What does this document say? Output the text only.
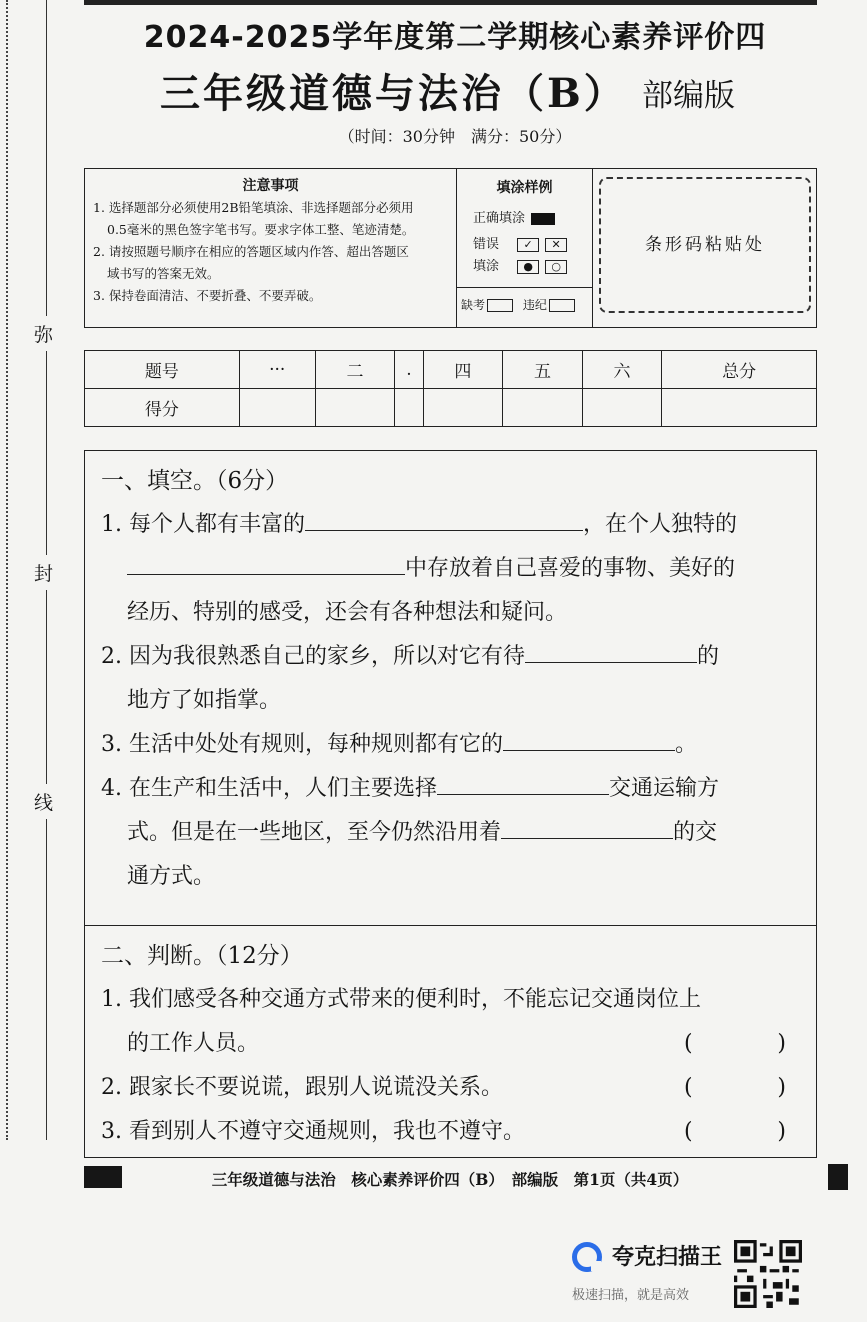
弥
封
线
2024-2025学年度第二学期核心素养评价四
三年级道德与法治（B） 部编版
（时间：30分钟　满分：50分）
注意事项
1. 选择题部分必须使用2B铅笔填涂、非选择题部分必须用
0.5毫米的黑色签字笔书写。要求字体工整、笔迹清楚。
2. 请按照题号顺序在相应的答题区域内作答、超出答题区
域书写的答案无效。
3. 保持卷面清洁、不要折叠、不要弄破。
填涂样例
正确填涂
错误 ✓ ✕
填涂 ● ○
缺考	违纪
条形码粘贴处
题号	···	二	.	四	五	六	总分
得分							
一、填空。（6分）
1. 每个人都有丰富的	，在个人独特的
中存放着自己喜爱的事物、美好的
经历、特别的感受，还会有各种想法和疑问。
2. 因为我很熟悉自己的家乡，所以对它有待	的
地方了如指掌。
3. 生活中处处有规则，每种规则都有它的	。
4. 在生产和生活中，人们主要选择	交通运输方
式。但是在一些地区，至今仍然沿用着	的交
通方式。
二、判断。（12分）
1. 我们感受各种交通方式带来的便利时，不能忘记交通岗位上
的工作人员。	(	)
2. 跟家长不要说谎，跟别人说谎没关系。	(	)
3. 看到别人不遵守交通规则，我也不遵守。	(	)
三年级道德与法治　核心素养评价四（B）　部编版　第1页（共4页）
夸克扫描王
极速扫描，就是高效
